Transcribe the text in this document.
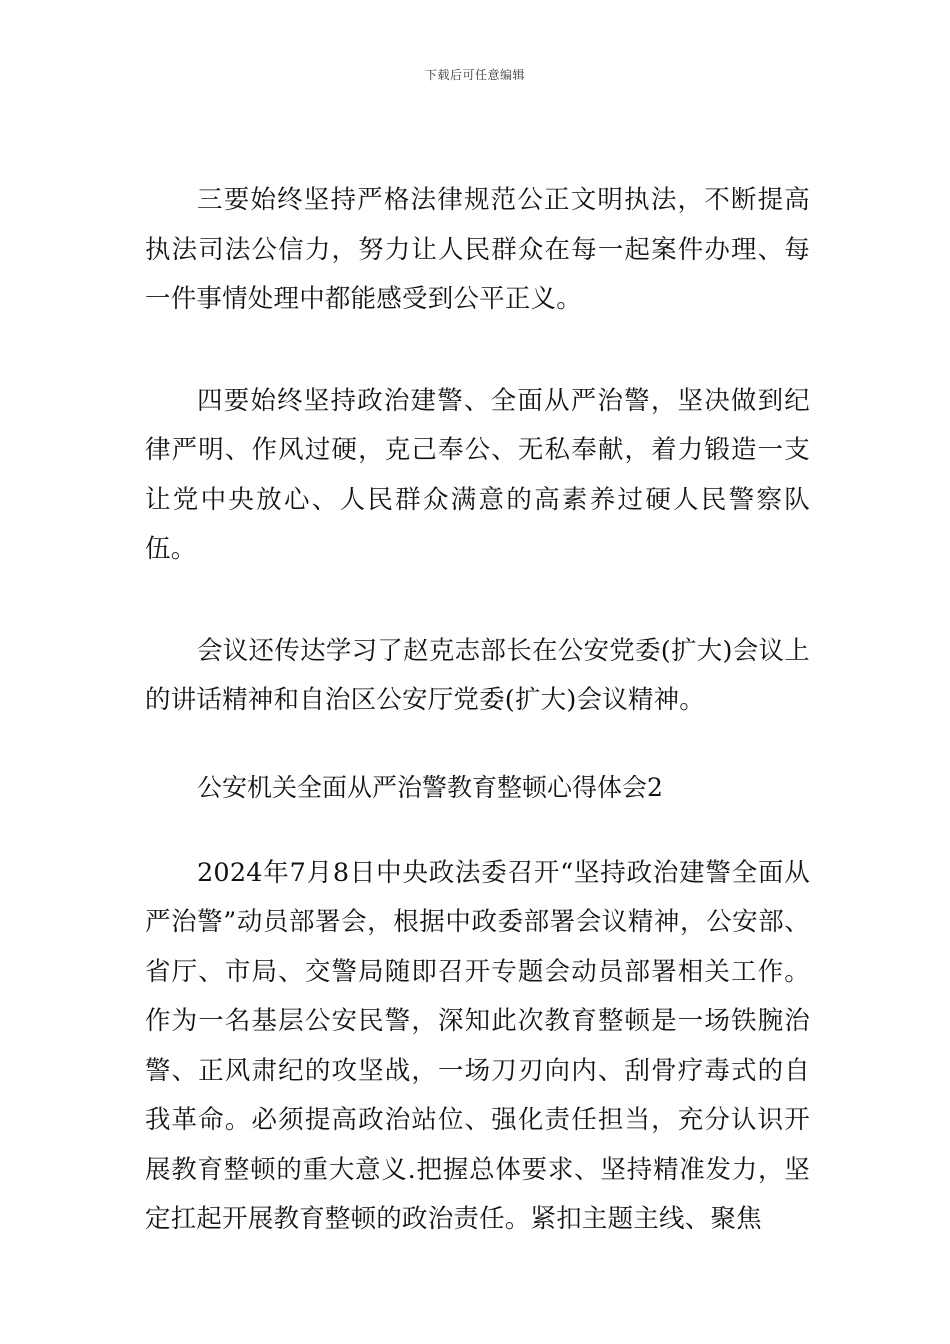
下载后可任意编辑

三要始终坚持严格法律规范公正文明执法，不断提高执法司法公信力，努力让人民群众在每一起案件办理、每一件事情处理中都能感受到公平正义。

四要始终坚持政治建警、全面从严治警，坚决做到纪律严明、作风过硬，克己奉公、无私奉献，着力锻造一支让党中央放心、人民群众满意的高素养过硬人民警察队伍。

会议还传达学习了赵克志部长在公安党委(扩大)会议上的讲话精神和自治区公安厅党委(扩大)会议精神。

公安机关全面从严治警教育整顿心得体会2

2024年7月8日中央政法委召开“坚持政治建警全面从严治警”动员部署会，根据中政委部署会议精神，公安部、省厅、市局、交警局随即召开专题会动员部署相关工作。作为一名基层公安民警，深知此次教育整顿是一场铁腕治警、正风肃纪的攻坚战，一场刀刃向内、刮骨疗毒式的自我革命。必须提高政治站位、强化责任担当，充分认识开展教育整顿的重大意义.把握总体要求、坚持精准发力，坚定扛起开展教育整顿的政治责任。紧扣主题主线、聚焦
